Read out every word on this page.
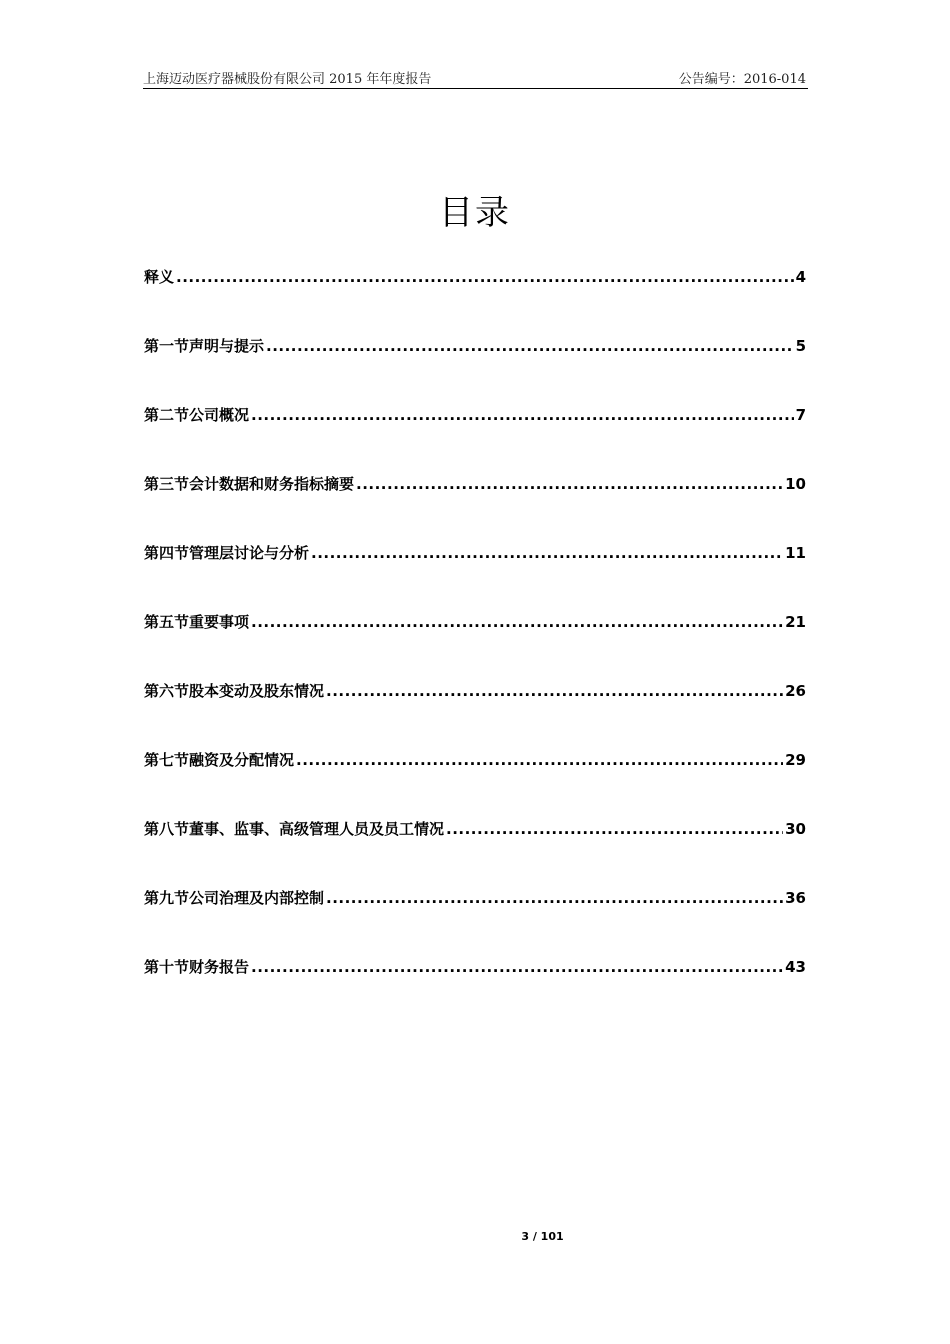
上海迈动医疗器械股份有限公司 2015 年年度报告	公告编号：2016-014
目录
释义 .....	4
第一节声明与提示 .....	5
第二节公司概况 .....	7
第三节会计数据和财务指标摘要 .....	10
第四节管理层讨论与分析 .....	11
第五节重要事项 .....	21
第六节股本变动及股东情况 .....	26
第七节融资及分配情况 .....	29
第八节董事、监事、高级管理人员及员工情况 .....	30
第九节公司治理及内部控制 .....	36
第十节财务报告 .....	43
3 / 101
